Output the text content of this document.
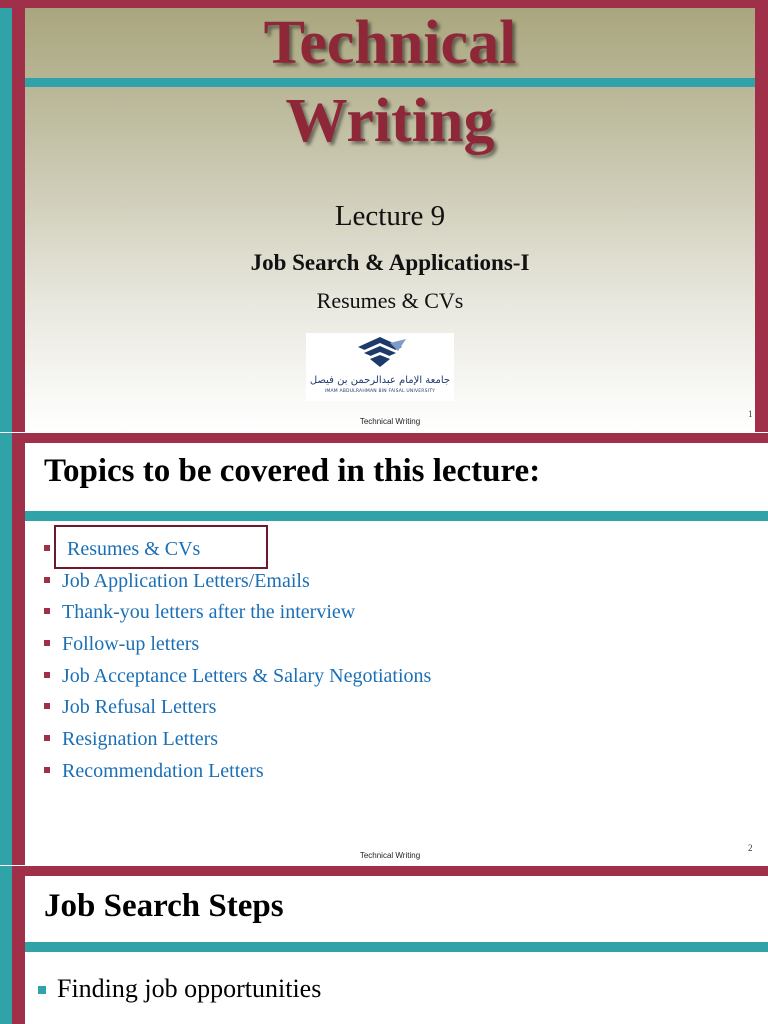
Technical
Writing
Lecture 9
Job Search & Applications-I
Resumes & CVs
جامعة الإمام عبدالرحمن بن فيصل
IMAM ABDULRAHMAN BIN FAISAL UNIVERSITY
Technical Writing
1
Topics to be covered in this lecture:
Resumes & CVs
Job Application Letters/Emails
Thank-you letters after the interview
Follow-up letters
Job Acceptance Letters & Salary Negotiations
Job Refusal Letters
Resignation Letters
Recommendation Letters
Technical Writing
2
Job Search Steps
Finding job opportunities
